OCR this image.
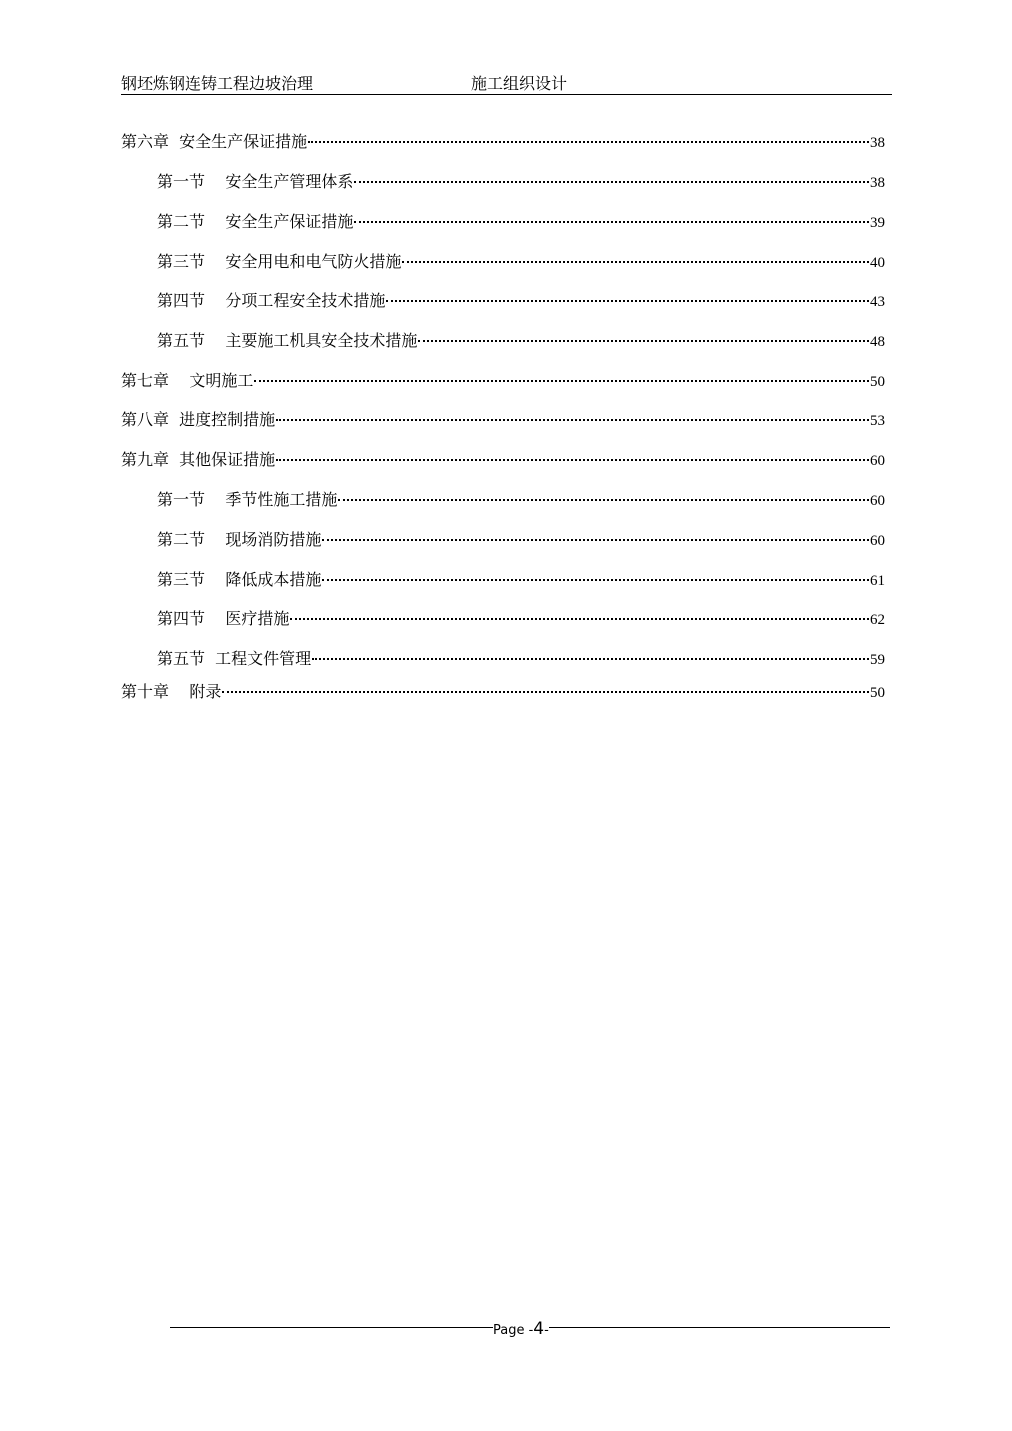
钢坯炼钢连铸工程边坡治理	施工组织设计
第六章  安全生产保证措施	38
第一节    安全生产管理体系	38
第二节    安全生产保证措施	39
第三节    安全用电和电气防火措施	40
第四节    分项工程安全技术措施	43
第五节    主要施工机具安全技术措施	48
第七章    文明施工	50
第八章  进度控制措施	53
第九章  其他保证措施	60
第一节    季节性施工措施	60
第二节    现场消防措施	60
第三节    降低成本措施	61
第四节    医疗措施	62
第五节  工程文件管理	59
第十章    附录	50
Page -4-
